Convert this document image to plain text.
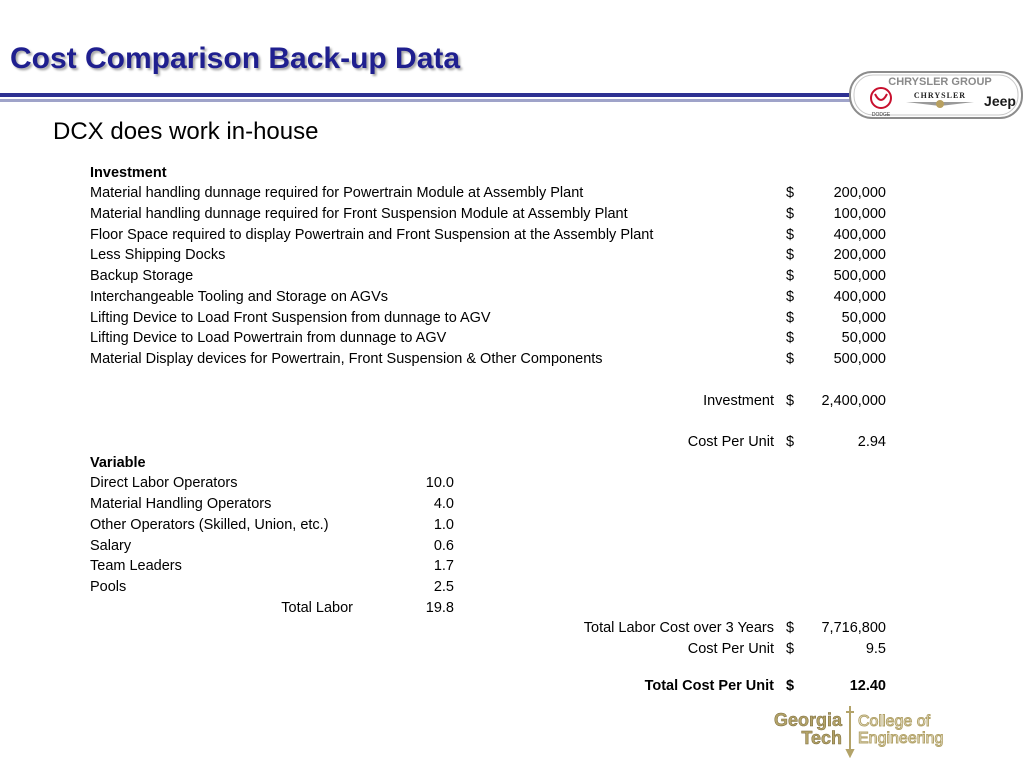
Cost Comparison Back-up Data
CHRYSLER GROUP
DODGE
CHRYSLER Jeep
DCX does work in-house
Investment
Material handling dunnage required for Powertrain Module at Assembly Plant	$	200,000
Material handling dunnage required for Front Suspension Module at Assembly Plant	$	100,000
Floor Space required to display Powertrain and Front Suspension at the Assembly Plant	$	400,000
Less Shipping Docks	$	200,000
Backup Storage	$	500,000
Interchangeable Tooling and Storage on AGVs	$	400,000
Lifting Device to Load Front Suspension from dunnage to AGV	$	50,000
Lifting Device to Load Powertrain from dunnage to AGV	$	50,000
Material Display devices for Powertrain, Front Suspension & Other Components	$	500,000
Investment $	2,400,000
Cost Per Unit $	2.94
Variable
Direct Labor Operators	10.0
Material Handling Operators	4.0
Other Operators (Skilled, Union, etc.)	1.0
Salary	0.6
Team Leaders	1.7
Pools	2.5
Total Labor	19.8
Total Labor Cost over 3 Years $	7,716,800
Cost Per Unit $	9.5
Total Cost Per Unit $	12.40
Georgia
Tech
College of
Engineering
